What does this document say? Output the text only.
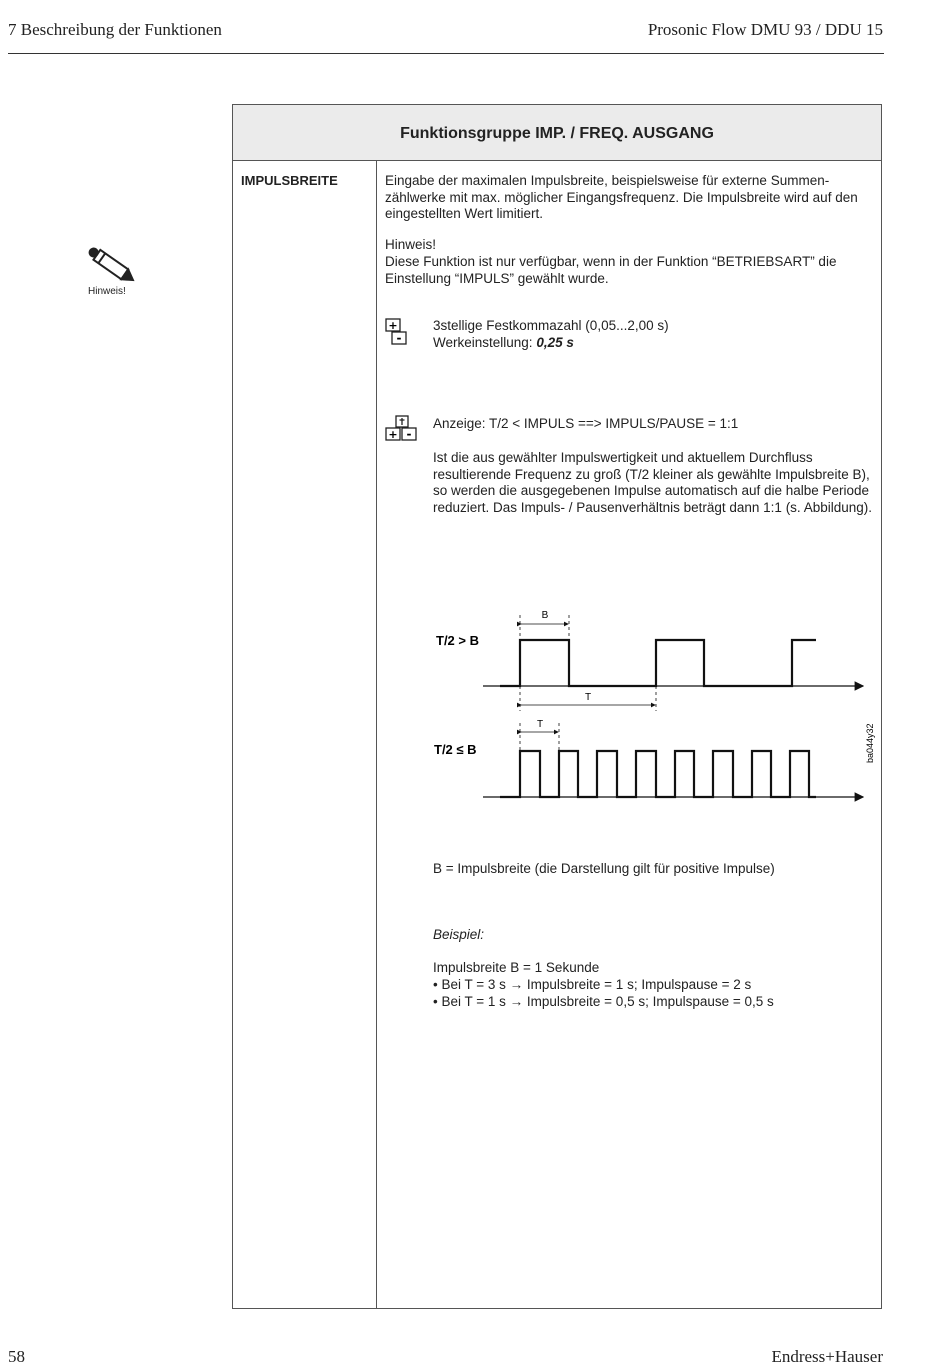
7 Beschreibung der Funktionen	Prosonic Flow DMU 93 / DDU 15
Hinweis!
Funktionsgruppe IMP. / FREQ. AUSGANG
IMPULSBREITE	Eingabe der maximalen Impulsbreite, beispielsweise für externe Summen-zählwerke mit max. möglicher Eingangsfrequenz. Die Impulsbreite wird auf den eingestellten Wert limitiert.
Hinweis!
Diese Funktion ist nur verfügbar, wenn in der Funktion “BETRIEBSART” die Einstellung “IMPULS” gewählt wurde.
+
-
3stellige Festkommazahl (0,05...2,00 s)
Werkeinstellung: 0,25 s
+ -
Anzeige: T/2 < IMPULS ==> IMPULS/PAUSE = 1:1
Ist die aus gewählter Impulswertigkeit und aktuellem Durchfluss resultierende Frequenz zu groß (T/2 kleiner als gewählte Impulsbreite B), so werden die ausgegebenen Impulse automatisch auf die halbe Periode reduziert. Das Impuls- / Pausenverhältnis beträgt dann 1:1 (s. Abbildung).
T/2 > B
B
T
T/2 ≤ B
T	ba044y32
B = Impulsbreite (die Darstellung gilt für positive Impulse)
Beispiel:
Impulsbreite B = 1 Sekunde
• Bei T = 3 s → Impulsbreite = 1 s; Impulspause = 2 s
• Bei T = 1 s → Impulsbreite = 0,5 s; Impulspause = 0,5 s
58	Endress+Hauser
